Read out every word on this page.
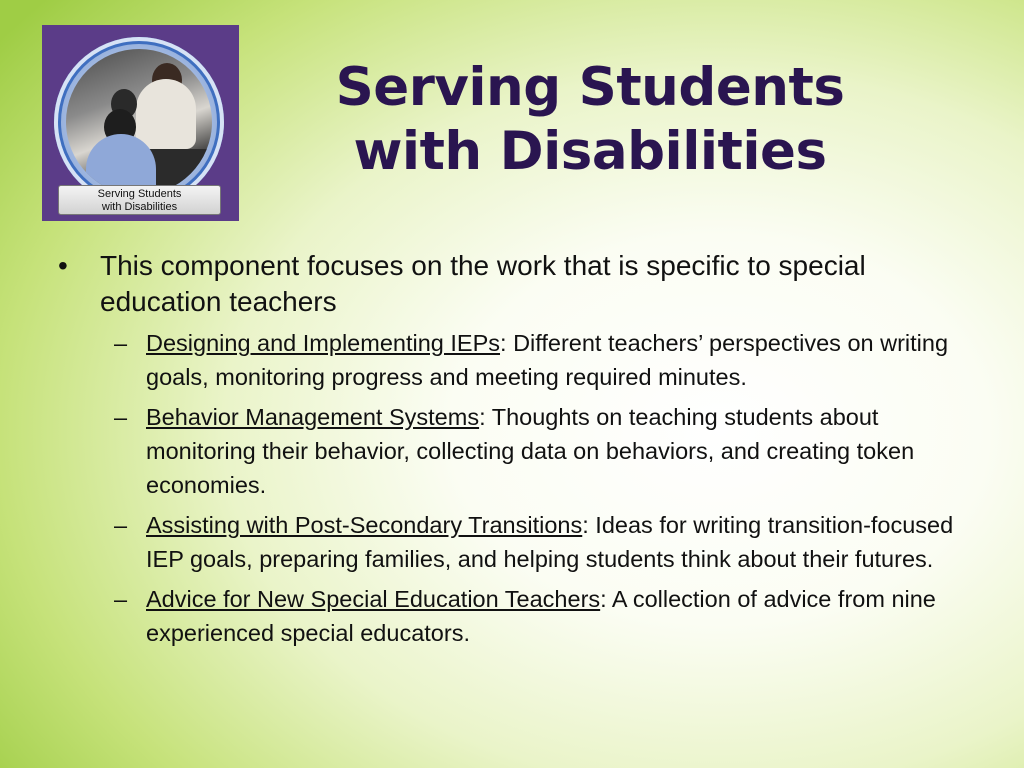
Serving Students
with Disabilities
Serving Students
with Disabilities
• This component focuses on the work that is specific to special education teachers
– Designing and Implementing IEPs: Different teachers’ perspectives on writing goals, monitoring progress and meeting required minutes.
– Behavior Management Systems: Thoughts on teaching students about monitoring their behavior, collecting data on behaviors, and creating token economies.
– Assisting with Post-Secondary Transitions: Ideas for writing transition-focused IEP goals, preparing families, and helping students think about their futures.
– Advice for New Special Education Teachers: A collection of advice from nine experienced special educators.
